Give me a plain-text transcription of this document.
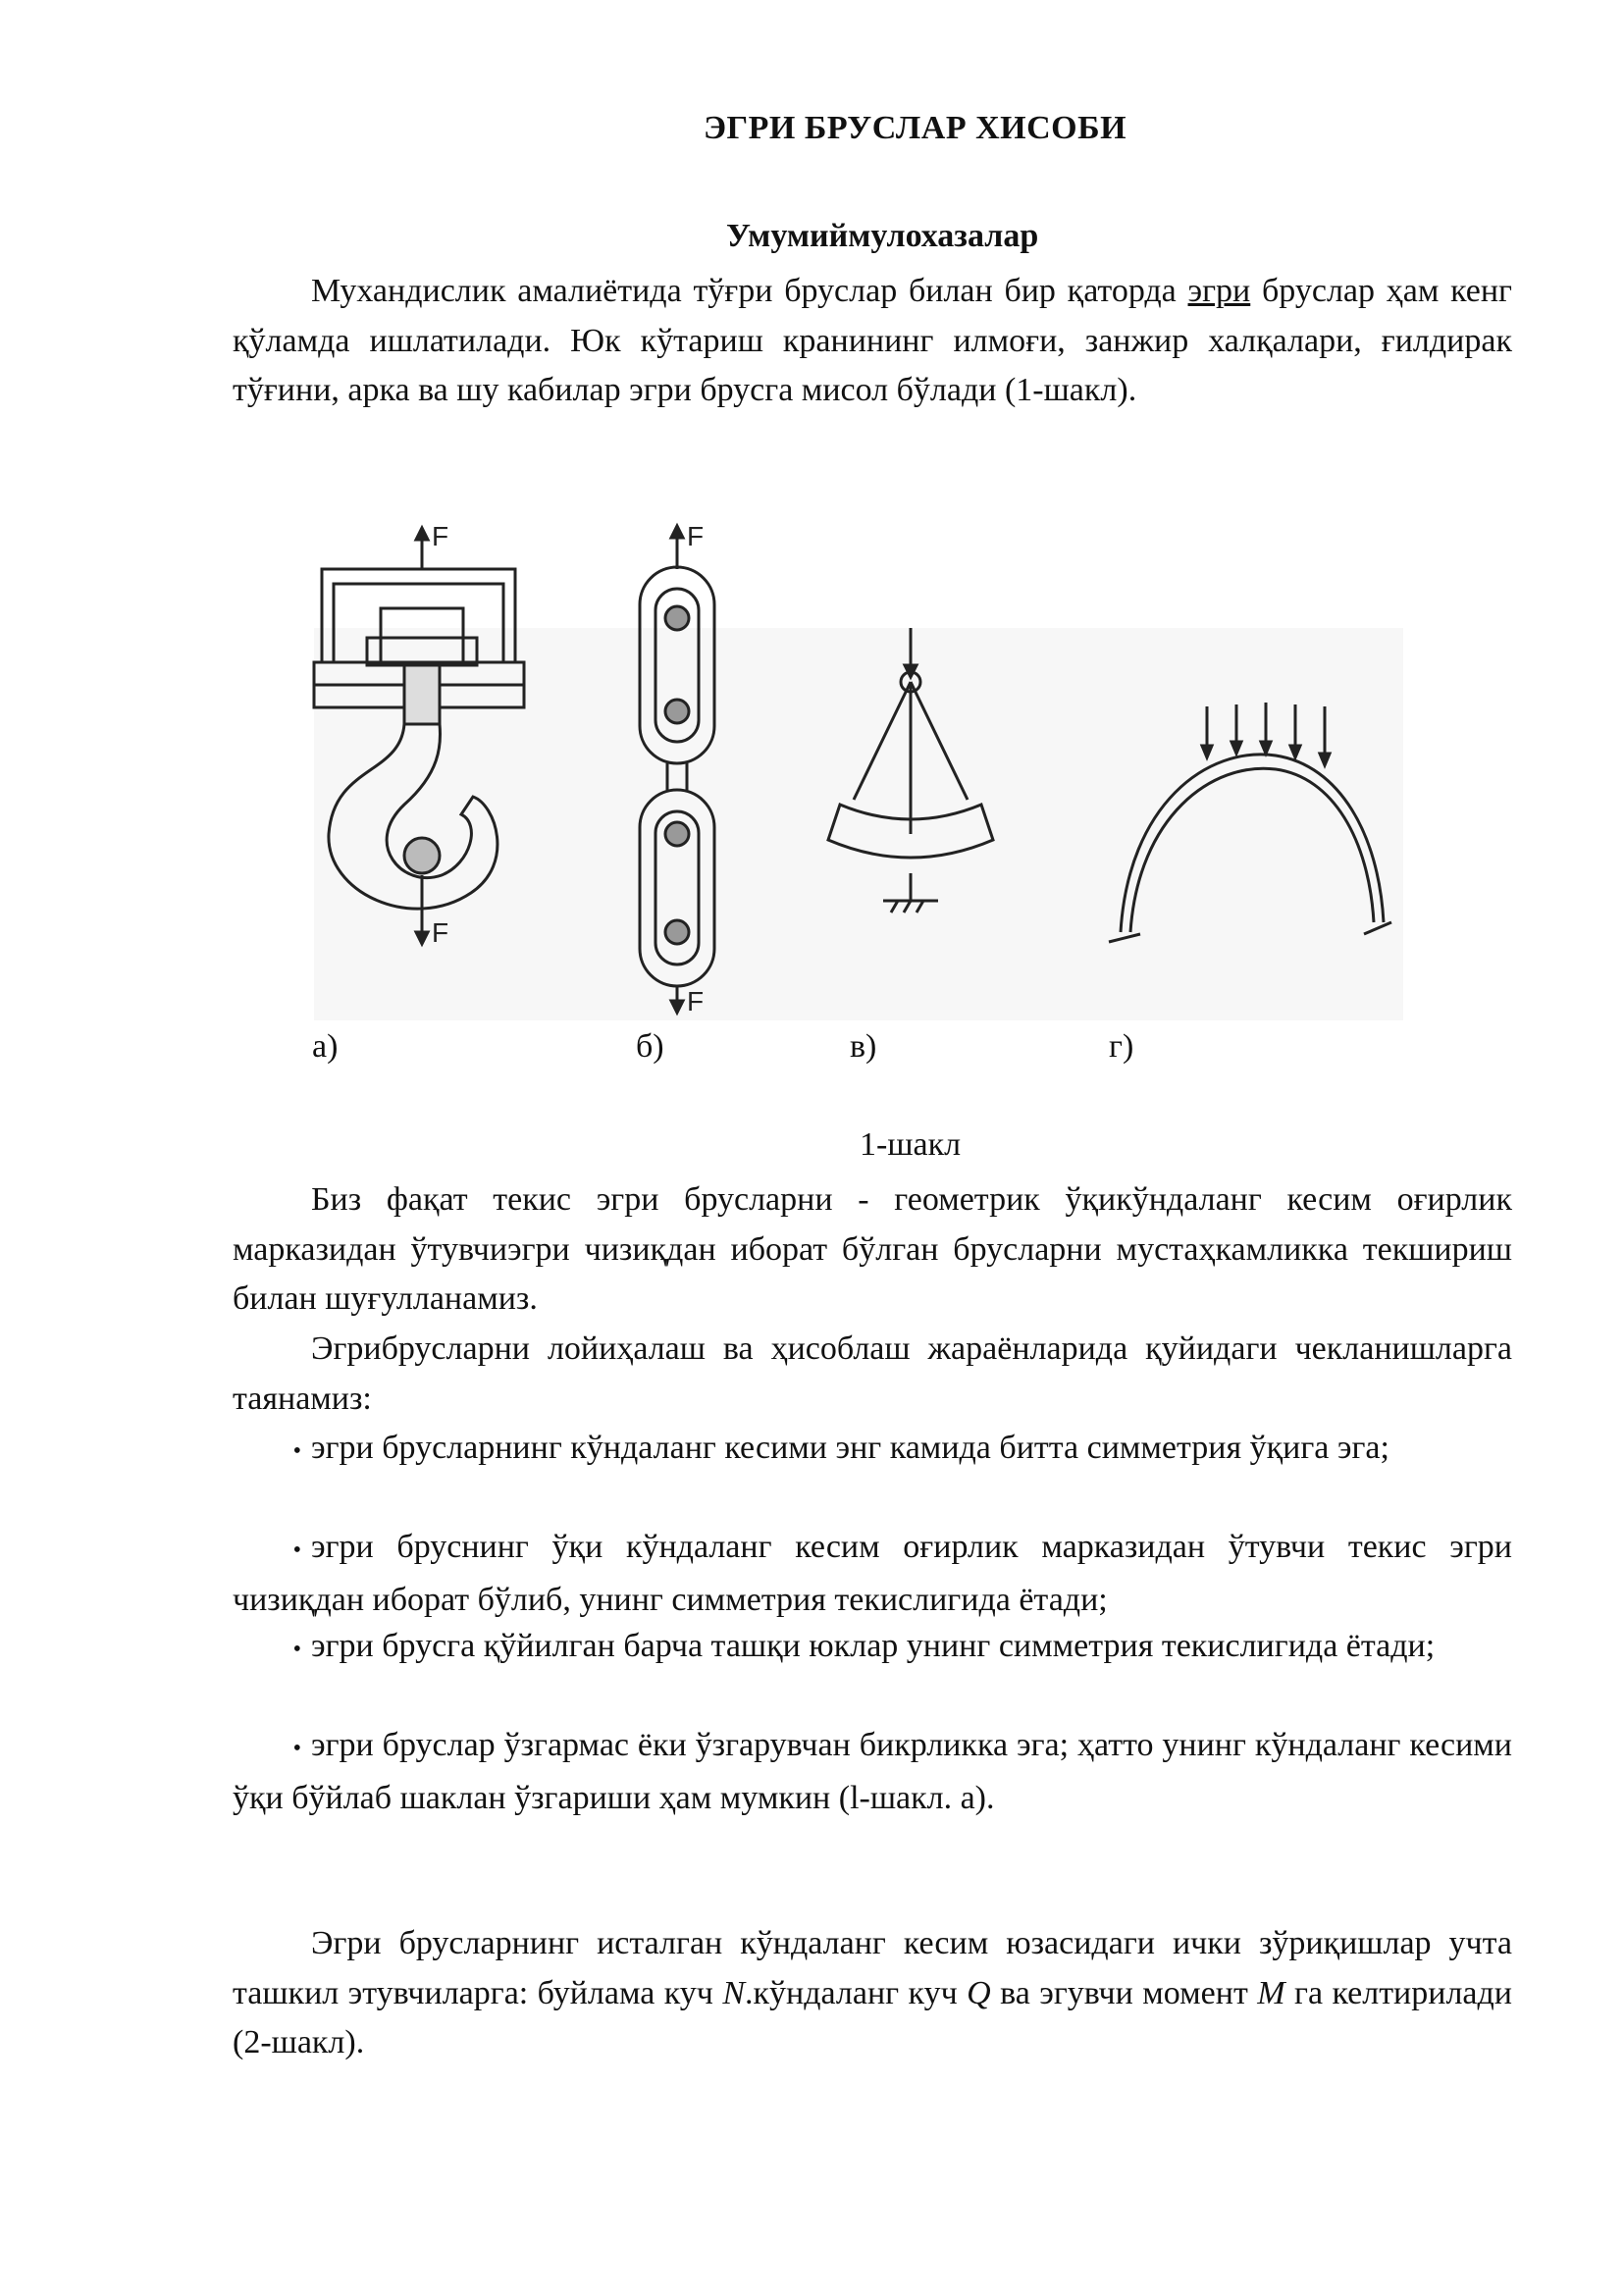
ЭГРИ БРУСЛАР ХИСОБИ
Умумиймулохазалар

Мухандислик амалиётида тўғри бруслар билан бир қаторда эгри бруслар ҳам кенг қўламда ишлатилади. Юк кўтариш кранининг илмоғи, занжир халқалари, ғилдирак тўғини, арка ва шу кабилар эгри брусга мисол бўлади (1-шакл).

F
F
F
F
а)	б)	в)	г)
1-шакл

Биз фақат текис эгри брусларни - геометрик ўқикўндаланг кесим оғирлик марказидан ўтувчиэгри чизиқдан иборат бўлган брусларни мустаҳкамликка текшириш билан шуғулланамиз.

Эгрибрусларни лойиҳалаш ва ҳисоблаш жараёнларида қуйидаги чекланишларга таянамиз:

• эгри брусларнинг кўндаланг кесими энг камида битта симметрия ўқига эга;

• эгри бруснинг ўқи кўндаланг кесим оғирлик марказидан ўтувчи текис эгри чизиқдан иборат бўлиб, унинг симметрия текислигида ётади;

• эгри брусга қўйилган барча ташқи юклар унинг симметрия текислигида ётади;

• эгри бруслар ўзгармас ёки ўзгарувчан бикрликка эга; ҳатто унинг кўндаланг кесими ўқи бўйлаб шаклан ўзгариши ҳам мумкин (l-шакл. а).

Эгри брусларнинг исталган кўндаланг кесим юзасидаги ички зўриқишлар учта ташкил этувчиларга: буйлама куч N.кўндаланг куч Q ва эгувчи момент M га келтирилади (2-шакл).
